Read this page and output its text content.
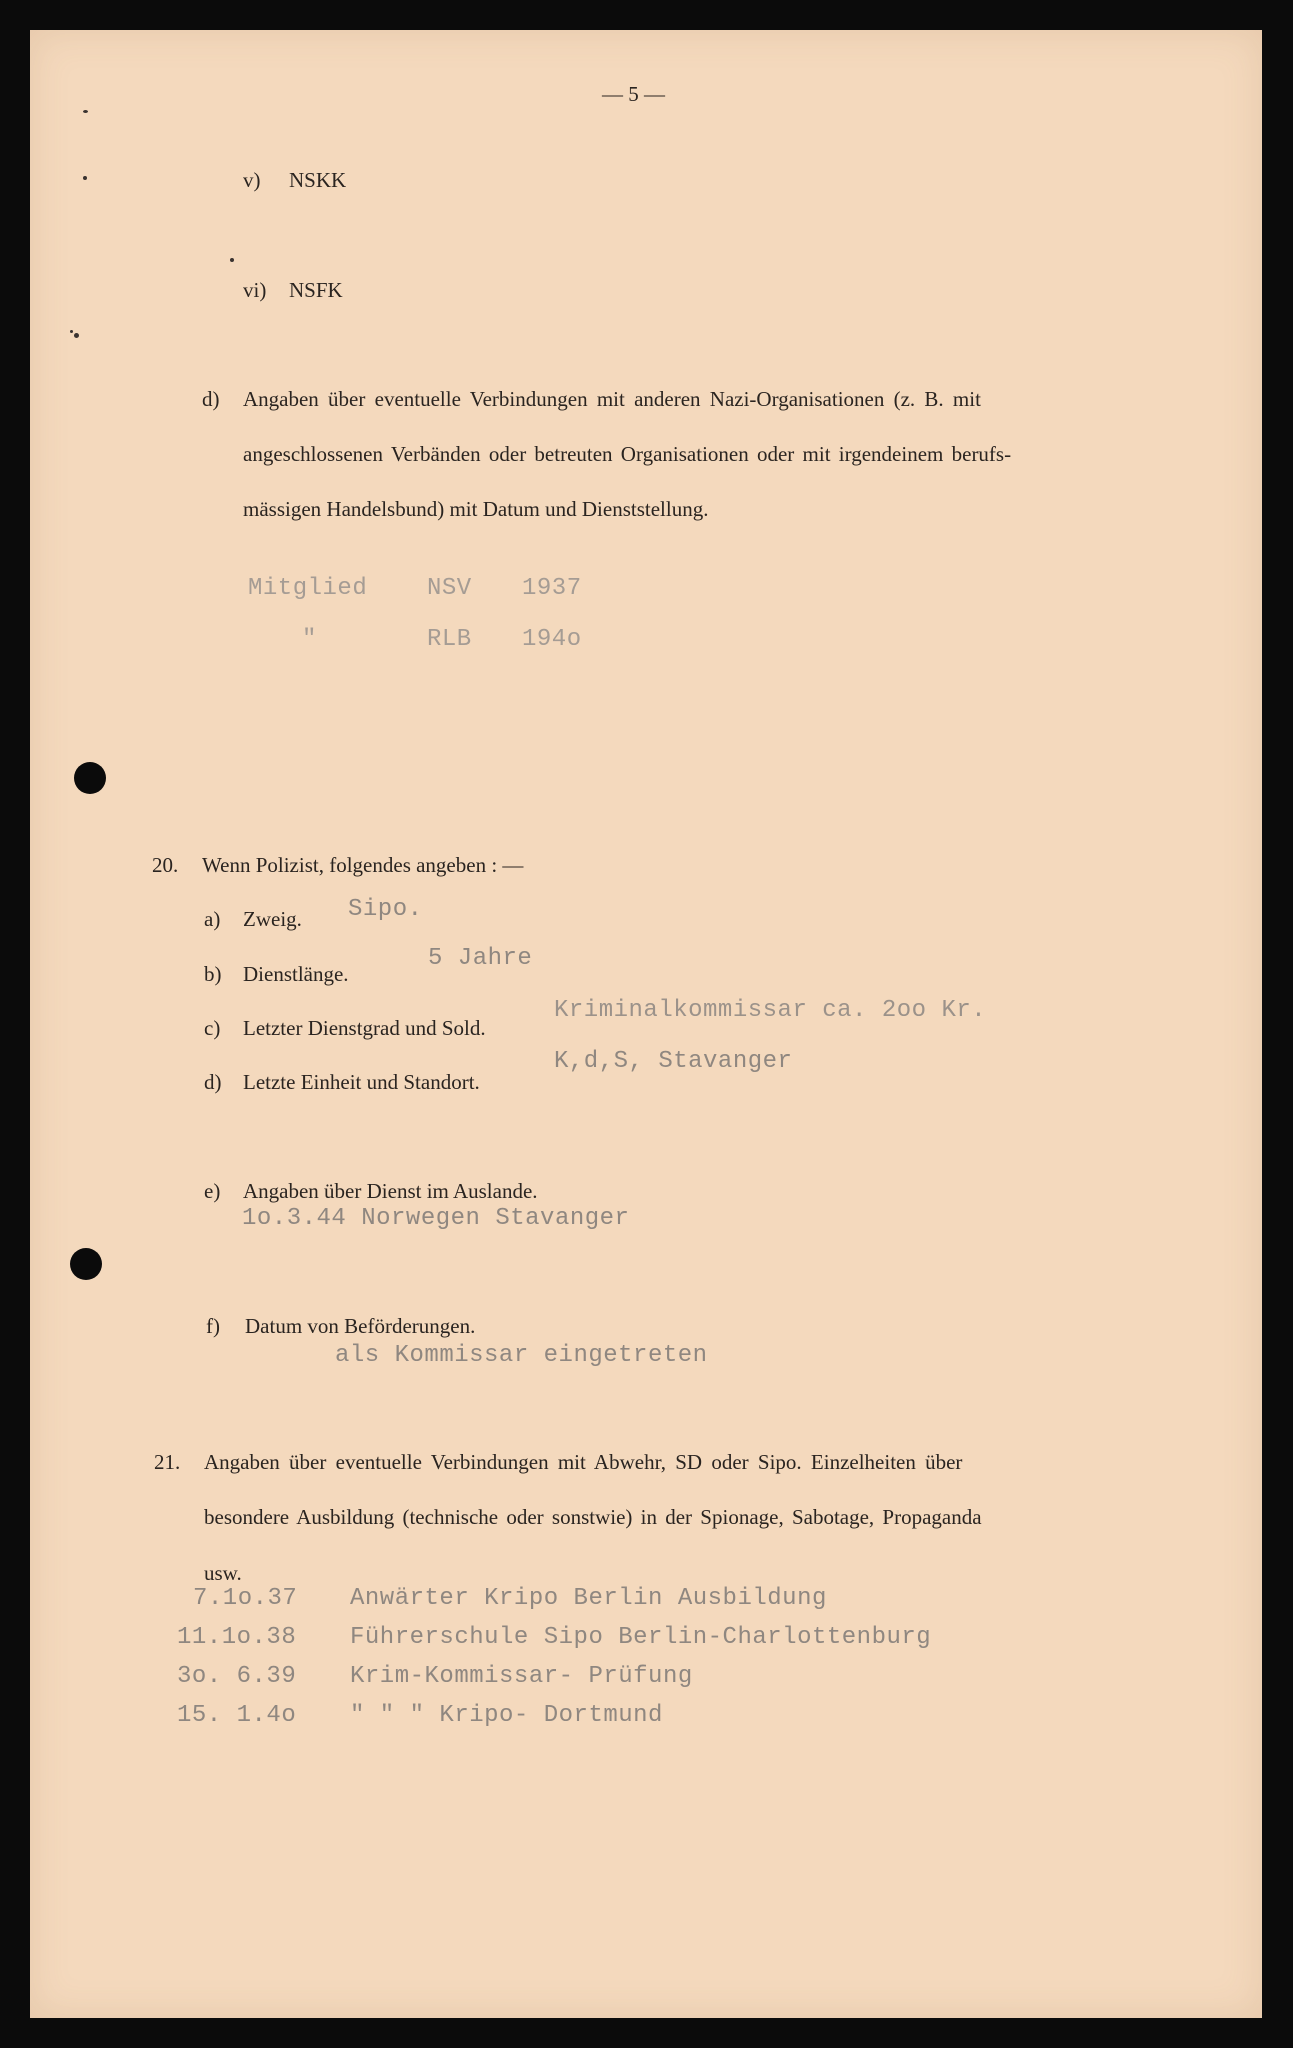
— 5 —
v) NSKK
vi) NSFK
d) Angaben über eventuelle Verbindungen mit anderen Nazi-Organisationen (z. B. mit
angeschlossenen Verbänden oder betreuten Organisationen oder mit irgendeinem berufs-
mässigen Handelsbund) mit Datum und Dienststellung.
Mitglied NSV 1937
"	RLB 194o
20. Wenn Polizist, folgendes angeben : —
a) Zweig. Sipo.
b) Dienstlänge.
5 Jahre
c) Letzter Dienstgrad und Sold.
Kriminalkommissar ca. 2oo Kr.
d) Letzte Einheit und Standort.
K,d,S, Stavanger
e) Angaben über Dienst im Auslande.
1o.3.44 Norwegen Stavanger
f) Datum von Beförderungen.
als Kommissar eingetreten
21. Angaben über eventuelle Verbindungen mit Abwehr, SD oder Sipo. Einzelheiten über
besondere Ausbildung (technische oder sonstwie) in der Spionage, Sabotage, Propaganda
usw.
7.1o.37 Anwärter Kripo Berlin Ausbildung
11.1o.38 Führerschule Sipo Berlin-Charlottenburg
3o. 6.39 Krim-Kommissar- Prüfung
15. 1.4o " " " Kripo- Dortmund
